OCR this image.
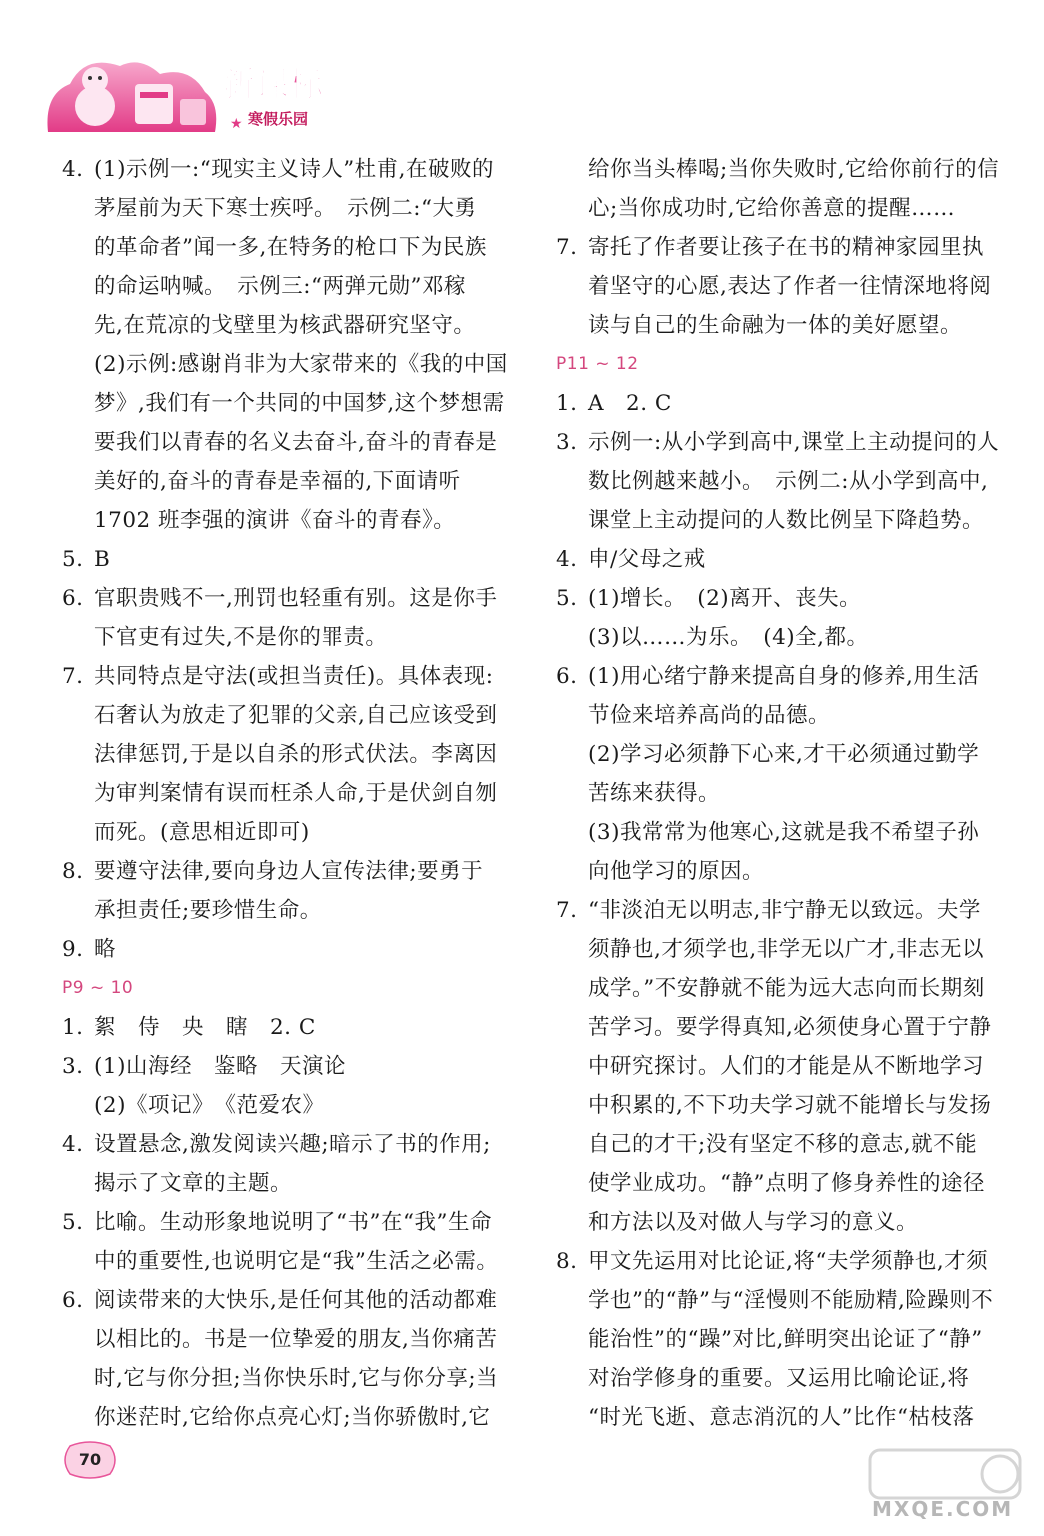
新课标
寒假乐园
★
4. (1)示例一:“现实主义诗人”杜甫,在破败的
茅屋前为天下寒士疾呼。　示例二:“大勇
的革命者”闻一多,在特务的枪口下为民族
的命运呐喊。　示例三:“两弹元勋”邓稼
先,在荒凉的戈壁里为核武器研究坚守。
(2)示例:感谢肖非为大家带来的《我的中国
梦》,我们有一个共同的中国梦,这个梦想需
要我们以青春的名义去奋斗,奋斗的青春是
美好的,奋斗的青春是幸福的,下面请听
1702 班李强的演讲《奋斗的青春》。
5. B
6. 官职贵贱不一,刑罚也轻重有别。这是你手
下官吏有过失,不是你的罪责。
7. 共同特点是守法(或担当责任)。具体表现:
石奢认为放走了犯罪的父亲,自己应该受到
法律惩罚,于是以自杀的形式伏法。李离因
为审判案情有误而枉杀人命,于是伏剑自刎
而死。(意思相近即可)
8. 要遵守法律,要向身边人宣传法律;要勇于
承担责任;要珍惜生命。
9. 略
P9 ~ 10
1. 絮　侍　央　瞎　2. C
3. (1)山海经　鉴略　天演论
(2)《项记》　《范爱农》
4. 设置悬念,激发阅读兴趣;暗示了书的作用;
揭示了文章的主题。
5. 比喻。生动形象地说明了“书”在“我”生命
中的重要性,也说明它是“我”生活之必需。
6. 阅读带来的大快乐,是任何其他的活动都难
以相比的。书是一位挚爱的朋友,当你痛苦
时,它与你分担;当你快乐时,它与你分享;当
你迷茫时,它给你点亮心灯;当你骄傲时,它
给你当头棒喝;当你失败时,它给你前行的信
心;当你成功时,它给你善意的提醒……
7. 寄托了作者要让孩子在书的精神家园里执
着坚守的心愿,表达了作者一往情深地将阅
读与自己的生命融为一体的美好愿望。
P11 ~ 12
1. A　2. C
3. 示例一:从小学到高中,课堂上主动提问的人
数比例越来越小。　示例二:从小学到高中,
课堂上主动提问的人数比例呈下降趋势。
4. 申/父母之戒
5. (1)增长。　(2)离开、丧失。
(3)以……为乐。　(4)全,都。
6. (1)用心绪宁静来提高自身的修养,用生活
节俭来培养高尚的品德。
(2)学习必须静下心来,才干必须通过勤学
苦练来获得。
(3)我常常为他寒心,这就是我不希望子孙
向他学习的原因。
7. “非淡泊无以明志,非宁静无以致远。夫学
须静也,才须学也,非学无以广才,非志无以
成学。”不安静就不能为远大志向而长期刻
苦学习。要学得真知,必须使身心置于宁静
中研究探讨。人们的才能是从不断地学习
中积累的,不下功夫学习就不能增长与发扬
自己的才干;没有坚定不移的意志,就不能
使学业成功。“静”点明了修身养性的途径
和方法以及对做人与学习的意义。
8. 甲文先运用对比论证,将“夫学须静也,才须
学也”的“静”与“淫慢则不能励精,险躁则不
能治性”的“躁”对比,鲜明突出论证了“静”
对治学修身的重要。又运用比喻论证,将
“时光飞逝、意志消沉的人”比作“枯枝落
70
MXQE.COM
